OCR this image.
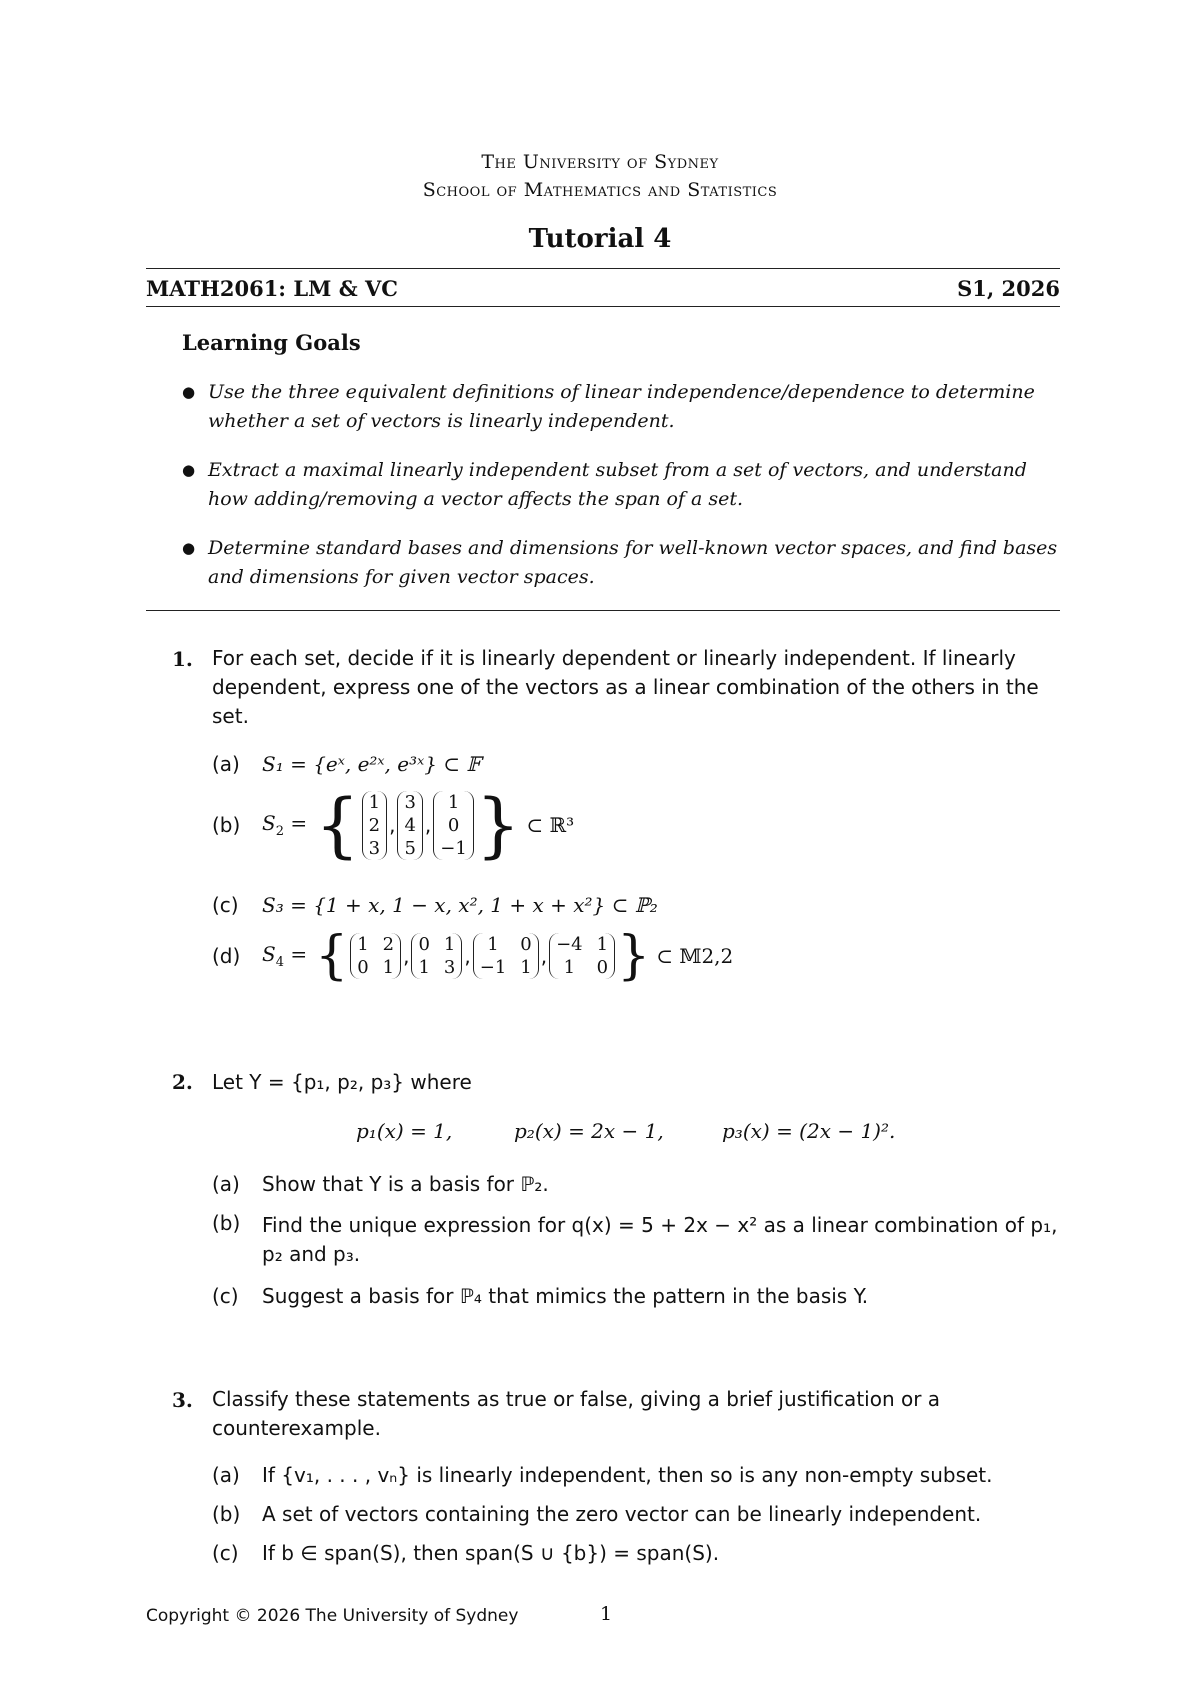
The University of Sydney
School of Mathematics and Statistics
Tutorial 4
MATH2061: LM & VC	S1, 2026
Learning Goals
● Use the three equivalent definitions of linear independence/dependence to determine whether a set of vectors is linearly independent.
● Extract a maximal linearly independent subset from a set of vectors, and understand how adding/removing a vector affects the span of a set.
● Determine standard bases and dimensions for well-known vector spaces, and find bases and dimensions for given vector spaces.
1. For each set, decide if it is linearly dependent or linearly independent. If linearly dependent, express one of the vectors as a linear combination of the others in the set.
(a) S₁ = {eˣ, e²ˣ, e³ˣ} ⊂ 𝔽
(b)	$S_2$ = { 1
2
3
,
3
4
5
,
1
0
−1 } ⊂ ℝ³
(c) S₃ = {1 + x, 1 − x, x², 1 + x + x²} ⊂ ℙ₂
(d)	$S_4$ = { 1 2
0 1 , 0 1
1 3 , 1	0
−1 1 , −4 1
1	0 } ⊂ 𝕄2,2
2. Let Y = {p₁, p₂, p₃} where
p₁(x) = 1,	p₂(x) = 2x − 1,	p₃(x) = (2x − 1)².
(a) Show that Y is a basis for ℙ₂.
(b)	Find the unique expression for q(x) = 5 + 2x − x² as a linear combination of p₁, p₂ and p₃.
(c) Suggest a basis for ℙ₄ that mimics the pattern in the basis Y.
3. Classify these statements as true or false, giving a brief justification or a counterexample.
(a) If {v₁, . . . , vₙ} is linearly independent, then so is any non-empty subset.
(b) A set of vectors containing the zero vector can be linearly independent.
(c) If b ∈ span(S), then span(S ∪ {b}) = span(S).
Copyright © 2026 The University of Sydney	1
